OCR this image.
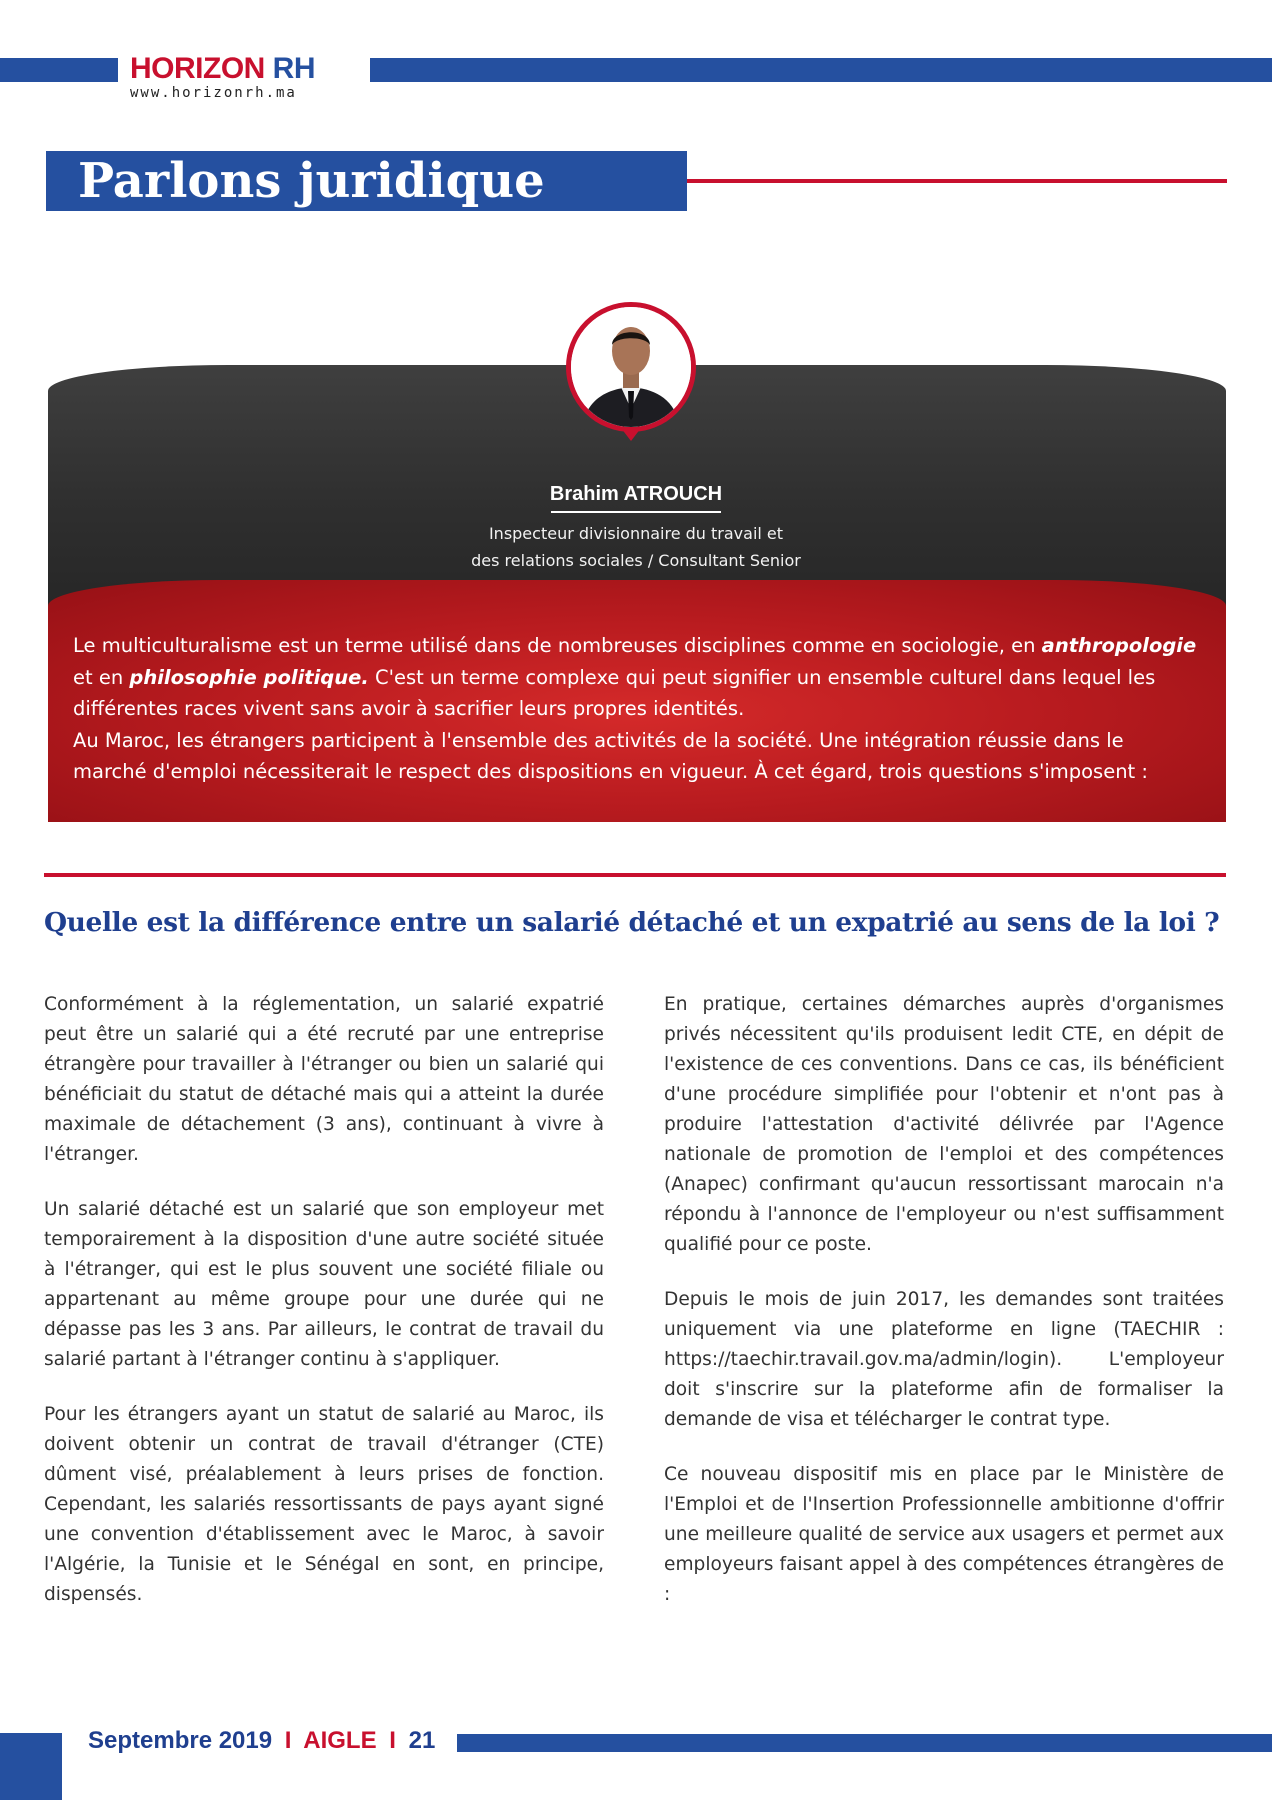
HORIZON RH
www.horizonrh.ma
Parlons juridique
Brahim ATROUCH
Inspecteur divisionnaire du travail et
des relations sociales / Consultant Senior

Le multiculturalisme est un terme utilisé dans de nombreuses disciplines comme en sociologie, en anthropologie et en philosophie politique. C'est un terme complexe qui peut signifier un ensemble culturel dans lequel les différentes races vivent sans avoir à sacrifier leurs propres identités.

Au Maroc, les étrangers participent à l'ensemble des activités de la société. Une intégration réussie dans le marché d'emploi nécessiterait le respect des dispositions en vigueur. À cet égard, trois questions s'imposent :

Quelle est la différence entre un salarié détaché et un expatrié au sens de la loi ?

Conformément à la réglementation, un salarié expatrié peut être un salarié qui a été recruté par une entreprise étrangère pour travailler à l'étranger ou bien un salarié qui bénéficiait du statut de détaché mais qui a atteint la durée maximale de détachement (3 ans), continuant à vivre à l'étranger.

Un salarié détaché est un salarié que son employeur met temporairement à la disposition d'une autre société située à l'étranger, qui est le plus souvent une société filiale ou appartenant au même groupe pour une durée qui ne dépasse pas les 3 ans. Par ailleurs, le contrat de travail du salarié partant à l'étranger continu à s'appliquer.

Pour les étrangers ayant un statut de salarié au Maroc, ils doivent obtenir un contrat de travail d'étranger (CTE) dûment visé, préalablement à leurs prises de fonction. Cependant, les salariés ressortissants de pays ayant signé une convention d'établissement avec le Maroc, à savoir l'Algérie, la Tunisie et le Sénégal en sont, en principe, dispensés.

En pratique, certaines démarches auprès d'organismes privés nécessitent qu'ils produisent ledit CTE, en dépit de l'existence de ces conventions. Dans ce cas, ils bénéficient d'une procédure simplifiée pour l'obtenir et n'ont pas à produire l'attestation d'activité délivrée par l'Agence nationale de promotion de l'emploi et des compétences (Anapec) confirmant qu'aucun ressortissant marocain n'a répondu à l'annonce de l'employeur ou n'est suffisamment qualifié pour ce poste.

Depuis le mois de juin 2017, les demandes sont traitées uniquement via une plateforme en ligne (TAECHIR : https://taechir.travail.gov.ma/admin/login). L'employeur doit s'inscrire sur la plateforme afin de formaliser la demande de visa et télécharger le contrat type.

Ce nouveau dispositif mis en place par le Ministère de l'Emploi et de l'Insertion Professionnelle ambitionne d'offrir une meilleure qualité de service aux usagers et permet aux employeurs faisant appel à des compétences étrangères de :

Septembre 2019 I AIGLE I 21
